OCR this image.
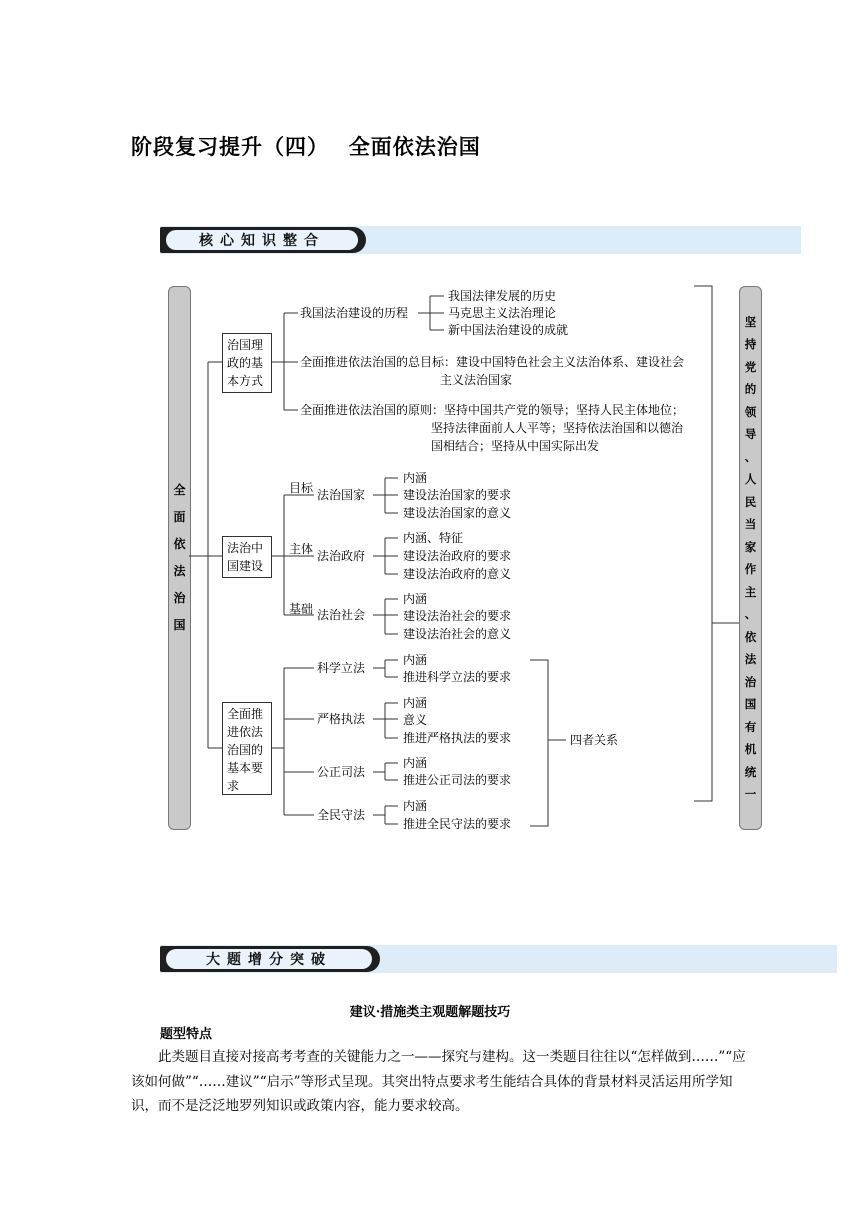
阶段复习提升（四）　 全面依法治国
核心知识整合
全
面
依
法
治
国
坚
持
党
的
领
导
、
人
民
当
家
作
主
、
依
法
治
国
有
机
统
一
治国理政的基本方式
我国法治建设的历程
我国法律发展的历史
马克思主义法治理论
新中国法治建设的成就
全面推进依法治国的总目标：建设中国特色社会主义法治体系、建设社会
主义法治国家
全面推进依法治国的原则：坚持中国共产党的领导；坚持人民主体地位；
坚持法律面前人人平等；坚持依法治国和以德治
国相结合；坚持从中国实际出发
法治中国建设
目标 法治国家
内涵
建设法治国家的要求
建设法治国家的意义
主体 法治政府
内涵、特征
建设法治政府的要求
建设法治政府的意义
基础 法治社会
内涵
建设法治社会的要求
建设法治社会的意义
全面推进依法治国的基本要求
科学立法
内涵
推进科学立法的要求
严格执法
内涵
意义
推进严格执法的要求
公正司法
内涵
推进公正司法的要求
全民守法
内涵
推进全民守法的要求
四者关系
大题增分突破
建议·措施类主观题解题技巧
题型特点
此类题目直接对接高考考查的关键能力之一——探究与建构。这一类题目往往以“怎样做到……”“应该如何做”“……建议”“启示”等形式呈现。其突出特点要求考生能结合具体的背景材料灵活运用所学知识，而不是泛泛地罗列知识或政策内容，能力要求较高。
